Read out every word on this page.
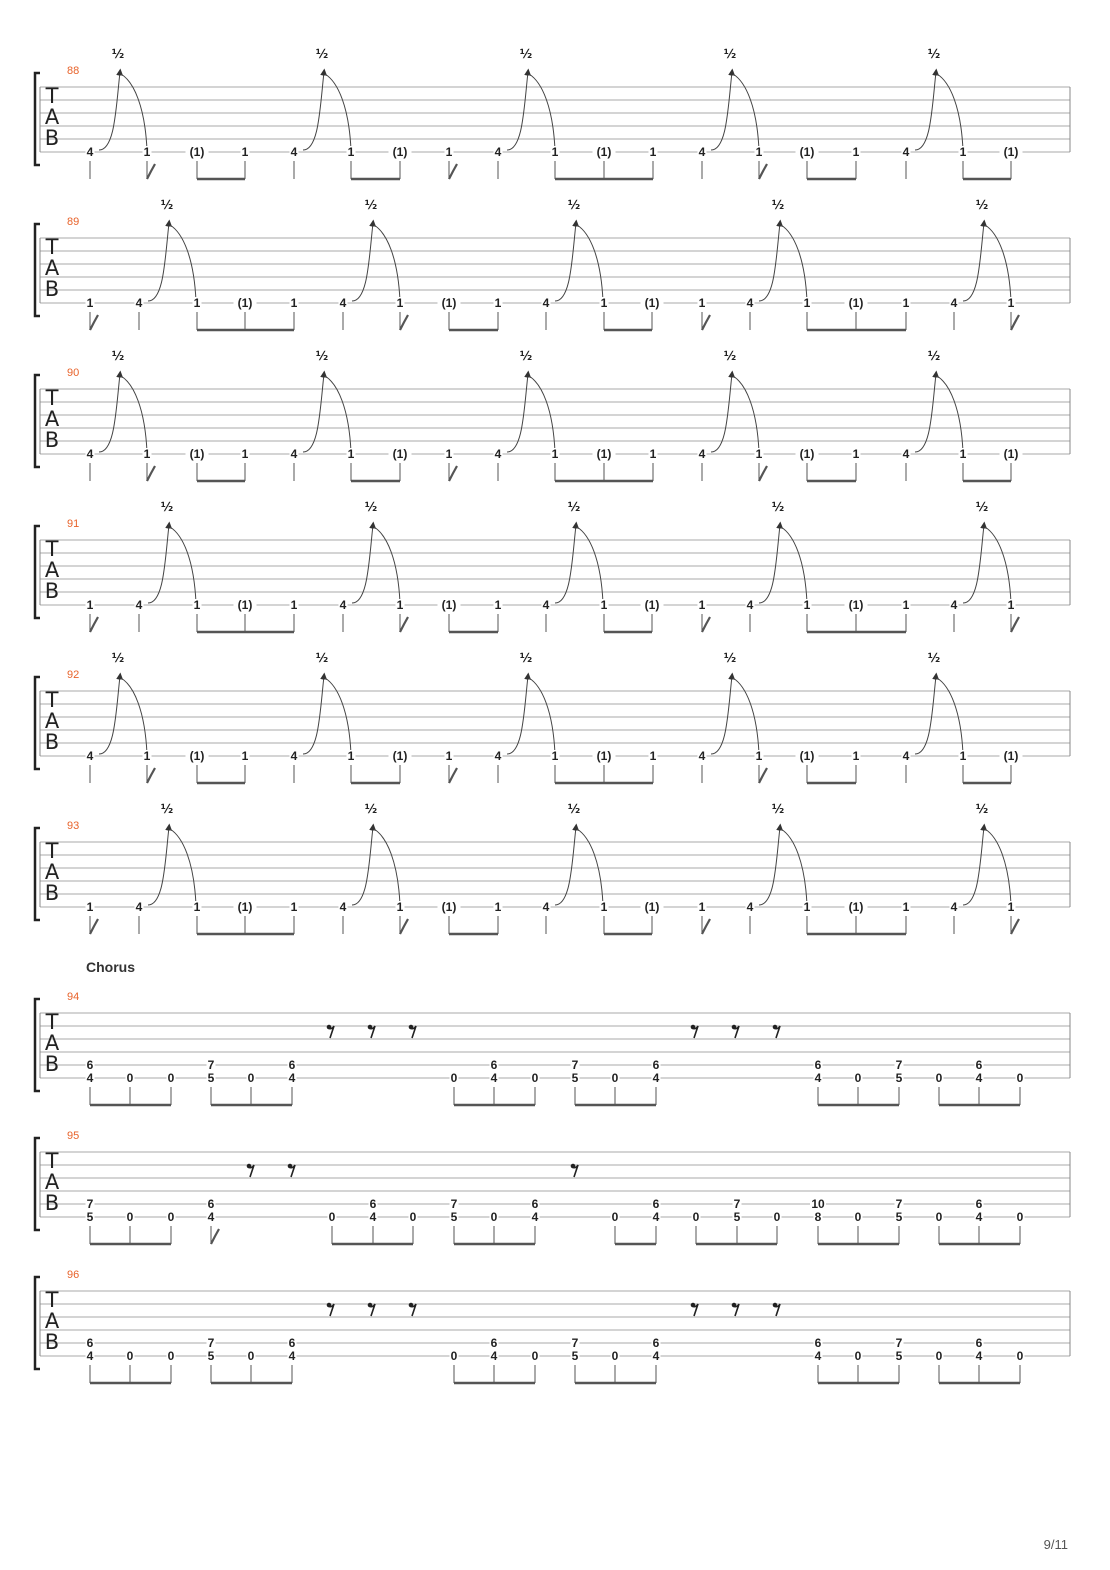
Chorus
T
A
B
88
4
½
1	(1)	1	4
½
1	(1)	1	4
½
1	(1)	1	4
½
1	(1)	1	4
½
1	(1)
T
A
B
89
1	4
½
1	(1)	1	4
½
1	(1)	1	4
½
1	(1)	1	4
½
1	(1)	1	4
½
1
T
A
B
90
4
½
1	(1)	1	4
½
1	(1)	1	4
½
1	(1)	1	4
½
1	(1)	1	4
½
1	(1)
T
A
B
91
1	4
½
1	(1)	1	4
½
1	(1)	1	4
½
1	(1)	1	4
½
1	(1)	1	4
½
1
T
A
B
92
4
½
1	(1)	1	4
½
1	(1)	1	4
½
1	(1)	1	4
½
1	(1)	1	4
½
1	(1)
T
A
B
93
1	4
½
1	(1)	1	4
½
1	(1)	1	4
½
1	(1)	1	4
½
1	(1)	1	4
½
1
T
A
B
94
6
4	0	0
7
5	0
6
4	0
6
4	0
7
5	0
6
4
6
4	0
7
5	0
6
4	0
T
A
B
95
7
5	0	0
6
4	0
6
4	0
7
5	0
6
4	0
6
4	0
7
5	0
10
8	0
7
5	0
6
4	0
T
A
B
96
6
4	0	0
7
5	0
6
4	0
6
4	0
7
5	0
6
4
6
4	0
7
5	0
6
4	0
9/11
